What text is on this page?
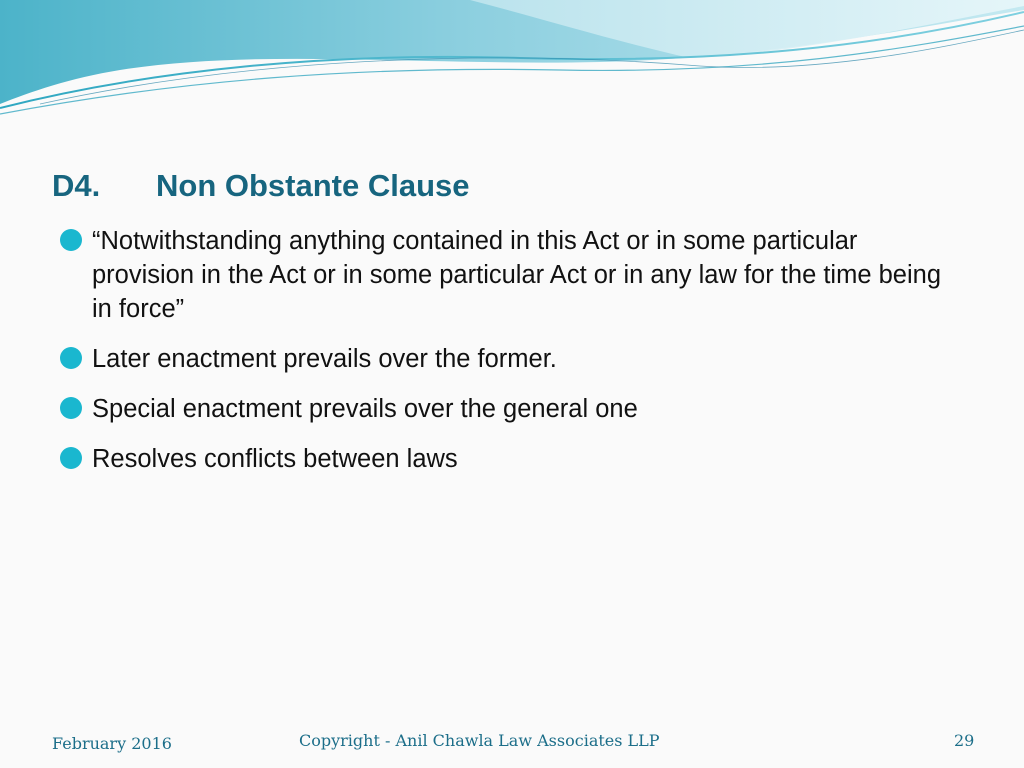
D4. Non Obstante Clause
“Notwithstanding anything contained in this Act or in some particular provision in the Act or in some particular Act or in any law for the time being in force”
Later enactment prevails over the former.
Special enactment prevails over the general one
Resolves conflicts between laws
February 2016	Copyright - Anil Chawla Law Associates LLP	29
